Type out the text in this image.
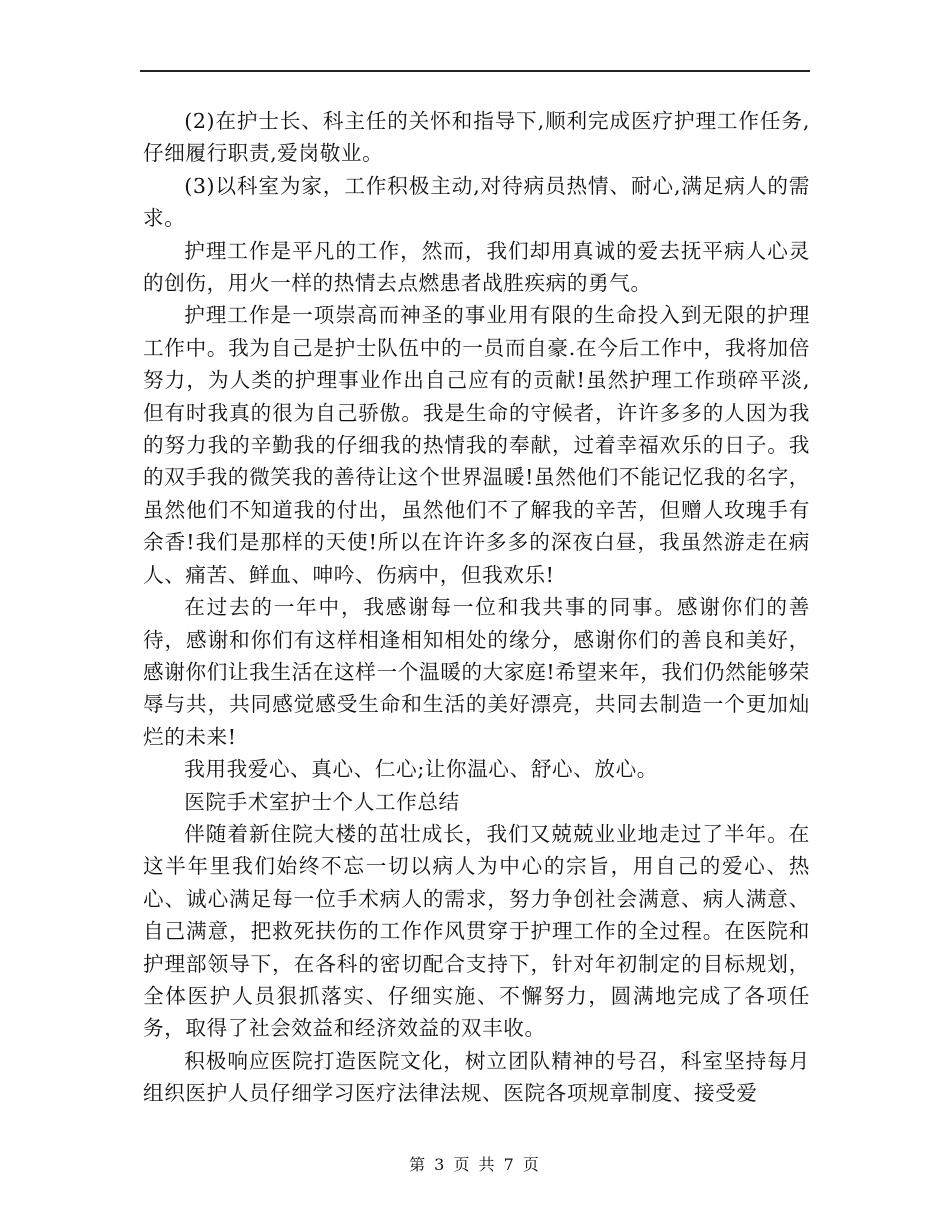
(2)在护士长、科主任的关怀和指导下,顺利完成医疗护理工作任务,仔细履行职责,爱岗敬业。

(3)以科室为家，工作积极主动,对待病员热情、耐心,满足病人的需求。

护理工作是平凡的工作，然而，我们却用真诚的爱去抚平病人心灵的创伤，用火一样的热情去点燃患者战胜疾病的勇气。

护理工作是一项崇高而神圣的事业用有限的生命投入到无限的护理工作中。我为自己是护士队伍中的一员而自豪.在今后工作中，我将加倍努力，为人类的护理事业作出自己应有的贡献!虽然护理工作琐碎平淡,但有时我真的很为自己骄傲。我是生命的守候者，许许多多的人因为我的努力我的辛勤我的仔细我的热情我的奉献，过着幸福欢乐的日子。我的双手我的微笑我的善待让这个世界温暖!虽然他们不能记忆我的名字，虽然他们不知道我的付出，虽然他们不了解我的辛苦，但赠人玫瑰手有余香!我们是那样的天使!所以在许许多多的深夜白昼，我虽然游走在病人、痛苦、鲜血、呻吟、伤病中，但我欢乐!

在过去的一年中，我感谢每一位和我共事的同事。感谢你们的善待，感谢和你们有这样相逢相知相处的缘分，感谢你们的善良和美好，感谢你们让我生活在这样一个温暖的大家庭!希望来年，我们仍然能够荣辱与共，共同感觉感受生命和生活的美好漂亮，共同去制造一个更加灿烂的未来!

我用我爱心、真心、仁心;让你温心、舒心、放心。

医院手术室护士个人工作总结

伴随着新住院大楼的茁壮成长，我们又兢兢业业地走过了半年。在这半年里我们始终不忘一切以病人为中心的宗旨，用自己的爱心、热心、诚心满足每一位手术病人的需求，努力争创社会满意、病人满意、自己满意，把救死扶伤的工作作风贯穿于护理工作的全过程。在医院和护理部领导下，在各科的密切配合支持下，针对年初制定的目标规划，全体医护人员狠抓落实、仔细实施、不懈努力，圆满地完成了各项任务，取得了社会效益和经济效益的双丰收。

积极响应医院打造医院文化，树立团队精神的号召，科室坚持每月组织医护人员仔细学习医疗法律法规、医院各项规章制度、接受爱

第 3 页 共 7 页
